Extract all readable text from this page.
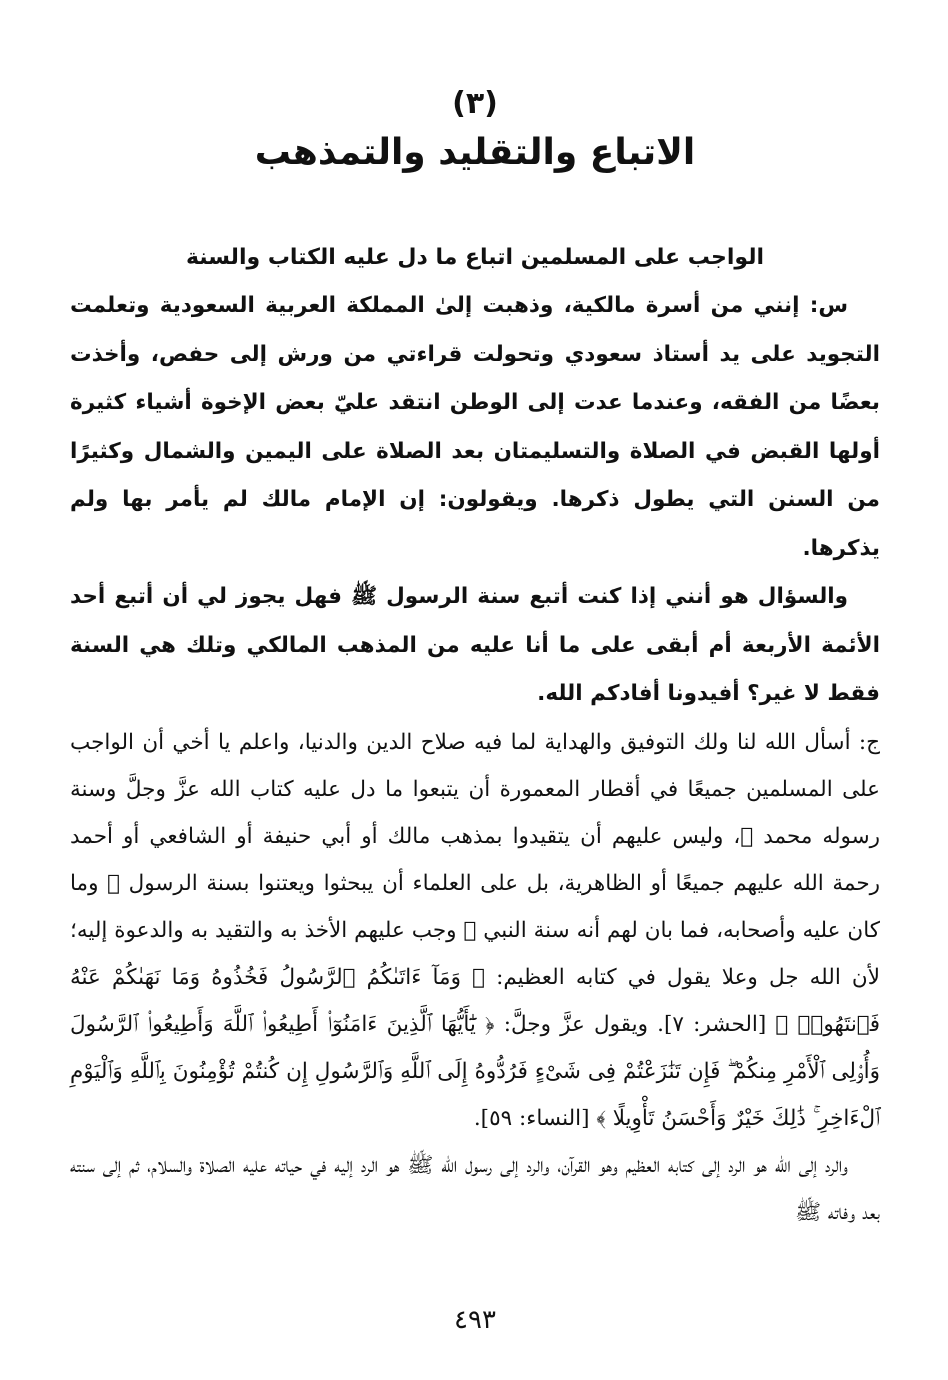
(٣)
الاتباع والتقليد والتمذهب
الواجب على المسلمين اتباع ما دل عليه الكتاب والسنة

س: إنني من أسرة مالكية، وذهبت إلىٰ المملكة العربية السعودية وتعلمت التجويد على يد أستاذ سعودي وتحولت قراءتي من ورش إلى حفص، وأخذت بعضًا من الفقه، وعندما عدت إلى الوطن انتقد عليّ بعض الإخوة أشياء كثيرة أولها القبض في الصلاة والتسليمتان بعد الصلاة على اليمين والشمال وكثيرًا من السنن التي يطول ذكرها. ويقولون: إن الإمام مالك لم يأمر بها ولم يذكرها.

والسؤال هو أنني إذا كنت أتبع سنة الرسول ﷺ فهل يجوز لي أن أتبع أحد الأئمة الأربعة أم أبقى على ما أنا عليه من المذهب المالكي وتلك هي السنة فقط لا غير؟ أفيدونا أفادكم الله.

ج: أسأل الله لنا ولك التوفيق والهداية لما فيه صلاح الدين والدنيا، واعلم يا أخي أن الواجب على المسلمين جميعًا في أقطار المعمورة أن يتبعوا ما دل عليه كتاب الله عزَّ وجلَّ وسنة رسوله محمد ﷺ، وليس عليهم أن يتقيدوا بمذهب مالك أو أبي حنيفة أو الشافعي أو أحمد رحمة الله عليهم جميعًا أو الظاهرية، بل على العلماء أن يبحثوا ويعتنوا بسنة الرسول ﷺ وما كان عليه وأصحابه، فما بان لهم أنه سنة النبي ﷺ وجب عليهم الأخذ به والتقيد به والدعوة إليه؛ لأن الله جل وعلا يقول في كتابه العظيم: ﴿ وَمَآ ءَاتَىٰكُمُ ٱلرَّسُولُ فَخُذُوهُ وَمَا نَهَىٰكُمْ عَنْهُ فَٱنتَهُوا۟ ﴾ [الحشر: ٧]. ويقول عزَّ وجلَّ: ﴿ يَٰٓأَيُّهَا ٱلَّذِينَ ءَامَنُوٓا۟ أَطِيعُوا۟ ٱللَّهَ وَأَطِيعُوا۟ ٱلرَّسُولَ وَأُو۟لِى ٱلْأَمْرِ مِنكُمْ ۖ فَإِن تَنَٰزَعْتُمْ فِى شَىْءٍ فَرُدُّوهُ إِلَى ٱللَّهِ وَٱلرَّسُولِ إِن كُنتُمْ تُؤْمِنُونَ بِٱللَّهِ وَٱلْيَوْمِ ٱلْءَاخِرِ ۚ ذَٰلِكَ خَيْرٌ وَأَحْسَنُ تَأْوِيلًا ﴾ [النساء: ٥٩].

والرد إلى الله هو الرد إلى كتابه العظيم وهو القرآن، والرد إلى رسول الله ﷺ هو الرد إليه في حياته عليه الصلاة والسلام، ثم إلى سنته بعد وفاته ﷺ

٤٩٣
